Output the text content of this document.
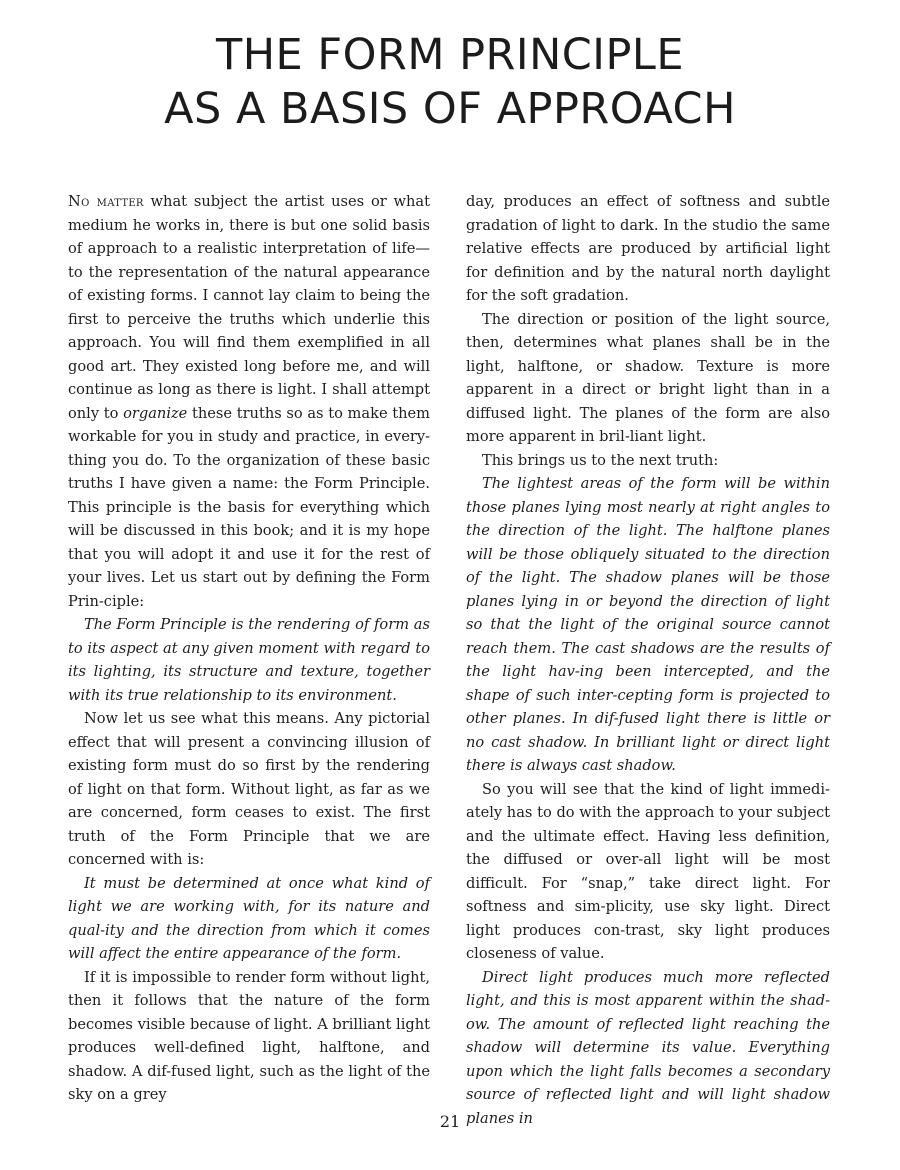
THE FORM PRINCIPLE
AS A BASIS OF APPROACH

No matter what subject the artist uses or what medium he works in, there is but one solid basis of approach to a realistic interpretation of life—to the representation of the natural appearance of existing forms. I cannot lay claim to being the first to perceive the truths which underlie this approach. You will find them exemplified in all good art. They existed long before me, and will continue as long as there is light. I shall attempt only to organize these truths so as to make them workable for you in study and practice, in every-thing you do. To the organization of these basic truths I have given a name: the Form Principle. This principle is the basis for everything which will be discussed in this book; and it is my hope that you will adopt it and use it for the rest of your lives. Let us start out by defining the Form Prin-ciple:

The Form Principle is the rendering of form as to its aspect at any given moment with regard to its lighting, its structure and texture, together with its true relationship to its environment.

Now let us see what this means. Any pictorial effect that will present a convincing illusion of existing form must do so first by the rendering of light on that form. Without light, as far as we are concerned, form ceases to exist. The first truth of the Form Principle that we are concerned with is:

It must be determined at once what kind of light we are working with, for its nature and qual-ity and the direction from which it comes will affect the entire appearance of the form.

If it is impossible to render form without light, then it follows that the nature of the form becomes visible because of light. A brilliant light produces well-defined light, halftone, and shadow. A dif-fused light, such as the light of the sky on a grey

day, produces an effect of softness and subtle gradation of light to dark. In the studio the same relative effects are produced by artificial light for definition and by the natural north daylight for the soft gradation.

The direction or position of the light source, then, determines what planes shall be in the light, halftone, or shadow. Texture is more apparent in a direct or bright light than in a diffused light. The planes of the form are also more apparent in bril-liant light.

This brings us to the next truth:

The lightest areas of the form will be within those planes lying most nearly at right angles to the direction of the light. The halftone planes will be those obliquely situated to the direction of the light. The shadow planes will be those planes lying in or beyond the direction of light so that the light of the original source cannot reach them. The cast shadows are the results of the light hav-ing been intercepted, and the shape of such inter-cepting form is projected to other planes. In dif-fused light there is little or no cast shadow. In brilliant light or direct light there is always cast shadow.

So you will see that the kind of light immedi-ately has to do with the approach to your subject and the ultimate effect. Having less definition, the diffused or over-all light will be most difficult. For “snap,” take direct light. For softness and sim-plicity, use sky light. Direct light produces con-trast, sky light produces closeness of value.

Direct light produces much more reflected light, and this is most apparent within the shad-ow. The amount of reflected light reaching the shadow will determine its value. Everything upon which the light falls becomes a secondary source of reflected light and will light shadow planes in

21
